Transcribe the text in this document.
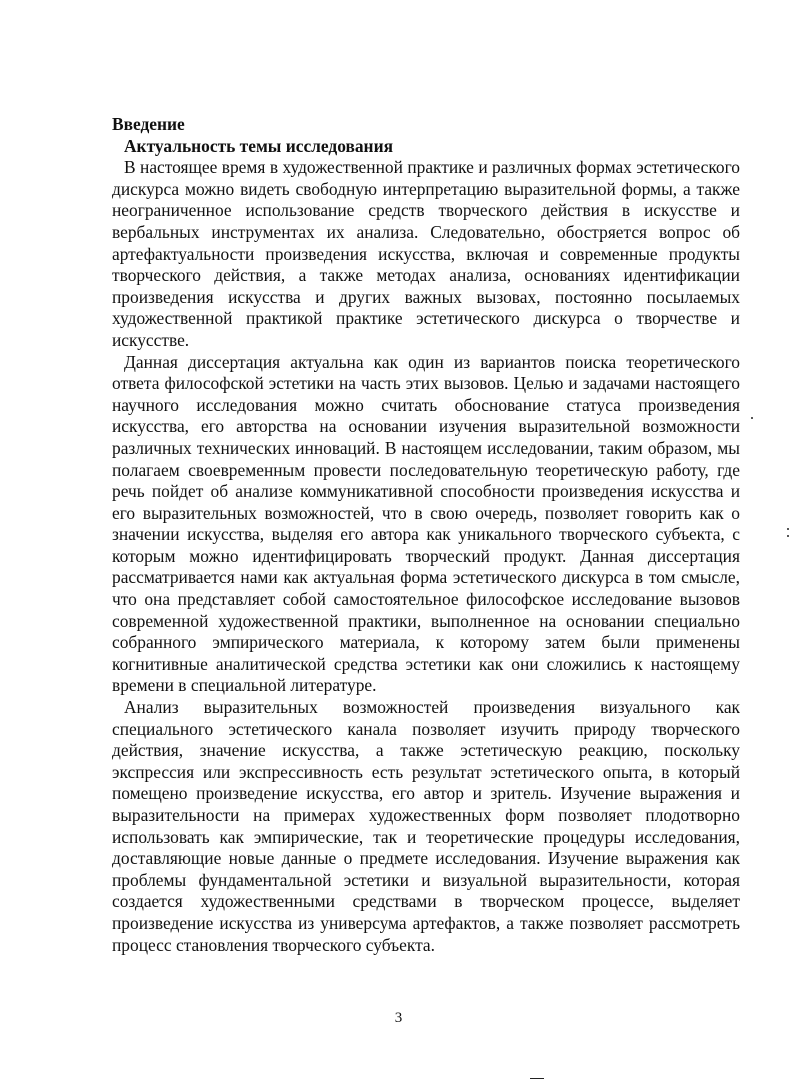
Введение
Актуальность темы исследования

В настоящее время в художественной практике и различных формах эстетического дискурса можно видеть свободную интерпретацию выразительной формы, а также неограниченное использование средств творческого действия в искусстве и вербальных инструментах их анализа. Следовательно, обостряется вопрос об артефактуальности произведения искусства, включая и современные продукты творческого действия, а также методах анализа, основаниях идентификации произведения искусства и других важных вызовах, постоянно посылаемых художественной практикой практике эстетического дискурса о творчестве и искусстве.

Данная диссертация актуальна как один из вариантов поиска теоретического ответа философской эстетики на часть этих вызовов. Целью и задачами настоящего научного исследования можно считать обоснование статуса произведения искусства, его авторства на основании изучения выразительной возможности различных технических инноваций. В настоящем исследовании, таким образом, мы полагаем своевременным провести последовательную теоретическую работу, где речь пойдет об анализе коммуникативной способности произведения искусства и его выразительных возможностей, что в свою очередь, позволяет говорить как о значении искусства, выделяя его автора как уникального творческого субъекта, с которым можно идентифицировать творческий продукт. Данная диссертация рассматривается нами как актуальная форма эстетического дискурса в том смысле, что она представляет собой самостоятельное философское исследование вызовов современной художественной практики, выполненное на основании специально собранного эмпирического материала, к которому затем были применены когнитивные аналитической средства эстетики как они сложились к настоящему времени в специальной литературе.

Анализ выразительных возможностей произведения визуального как специального эстетического канала позволяет изучить природу творческого действия, значение искусства, а также эстетическую реакцию, поскольку экспрессия или экспрессивность есть результат эстетического опыта, в который помещено произведение искусства, его автор и зритель. Изучение выражения и выразительности на примерах художественных форм позволяет плодотворно использовать как эмпирические, так и теоретические процедуры исследования, доставляющие новые данные о предмете исследования. Изучение выражения как проблемы фундаментальной эстетики и визуальной выразительности, которая создается художественными средствами в творческом процессе, выделяет произведение искусства из универсума артефактов, а также позволяет рассмотреть процесс становления творческого субъекта.

3
